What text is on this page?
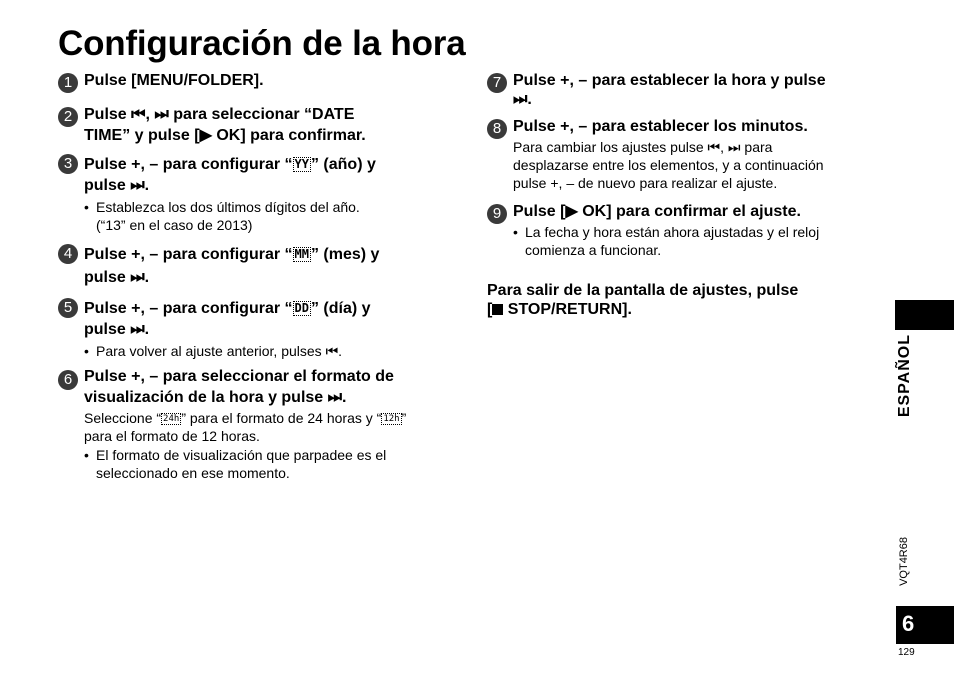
Configuración de la hora
1 Pulse [MENU/FOLDER].
2 Pulse ⏮, ⏭ para seleccionar “DATE
TIME” y pulse [▶ OK] para confirmar.
3 Pulse +, – para configurar “ YY ” (año) y
pulse ⏭.
• Establezca los dos últimos dígitos del año.
(“13” en el caso de 2013)
4 Pulse +, – para configurar “ MM ” (mes) y
pulse ⏭.
5 Pulse +, – para configurar “ DD ” (día) y
pulse ⏭.
• Para volver al ajuste anterior, pulses ⏮.
6 Pulse +, – para seleccionar el formato de
visualización de la hora y pulse ⏭.
Seleccione “ 24h ” para el formato de 24 horas y “ 12h ”
para el formato de 12 horas.
• El formato de visualización que parpadee es el
seleccionado en ese momento.
7 Pulse +, – para establecer la hora y pulse
⏭.
8 Pulse +, – para establecer los minutos.
Para cambiar los ajustes pulse ⏮, ⏭ para
desplazarse entre los elementos, y a continuación
pulse +, – de nuevo para realizar el ajuste.
9 Pulse [▶ OK] para confirmar el ajuste.
• La fecha y hora están ahora ajustadas y el reloj
comienza a funcionar.
Para salir de la pantalla de ajustes, pulse
[ STOP/RETURN].
ESPAÑOL
VQT4R68
6
129
